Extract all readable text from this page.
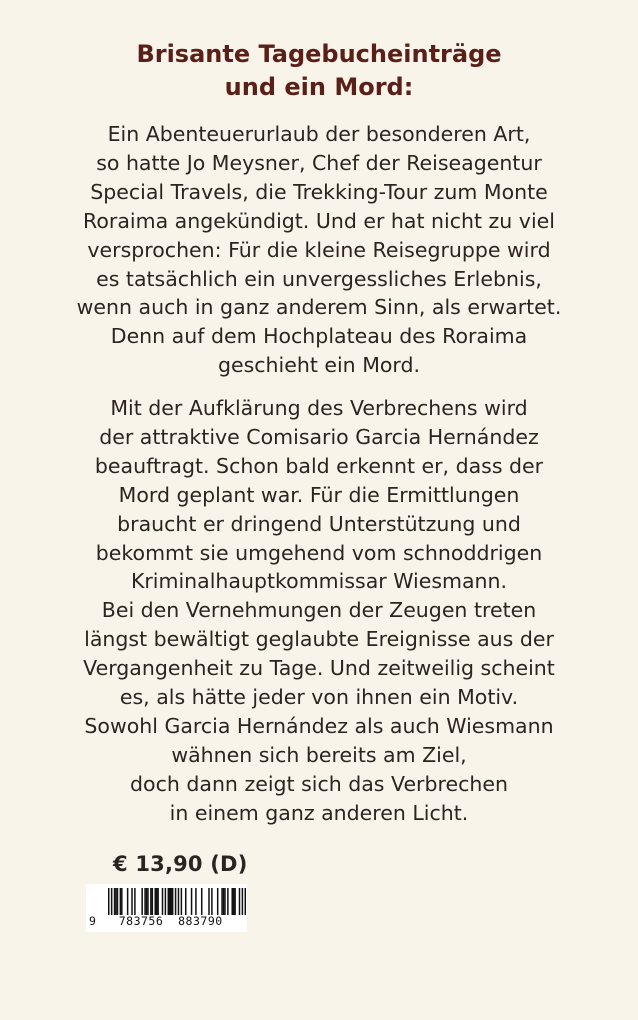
Brisante Tagebucheinträge
und ein Mord:
Ein Abenteuerurlaub der besonderen Art,
so hatte Jo Meysner, Chef der Reiseagentur
Special Travels, die Trekking-Tour zum Monte
Roraima angekündigt. Und er hat nicht zu viel
versprochen: Für die kleine Reisegruppe wird
es tatsächlich ein unvergessliches Erlebnis,
wenn auch in ganz anderem Sinn, als erwartet.
Denn auf dem Hochplateau des Roraima
geschieht ein Mord.
Mit der Aufklärung des Verbrechens wird
der attraktive Comisario Garcia Hernández
beauftragt. Schon bald erkennt er, dass der
Mord geplant war. Für die Ermittlungen
braucht er dringend Unterstützung und
bekommt sie umgehend vom schnoddrigen
Kriminalhauptkommissar Wiesmann.
Bei den Vernehmungen der Zeugen treten
längst bewältigt geglaubte Ereignisse aus der
Vergangenheit zu Tage. Und zeitweilig scheint
es, als hätte jeder von ihnen ein Motiv.
Sowohl Garcia Hernández als auch Wiesmann
wähnen sich bereits am Ziel,
doch dann zeigt sich das Verbrechen
in einem ganz anderen Licht.
€ 13,90 (D)
9 783756 883790
